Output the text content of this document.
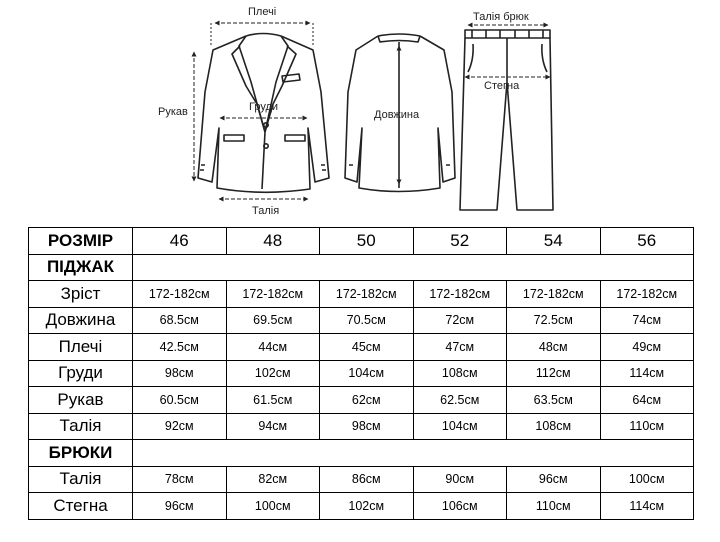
Плечі
Рукав	Груди
Талія
Довжина
Талія брюк
Стегна
РОЗМІР	46	48	50	52	54	56
ПІДЖАК						
Зріст	172-182см	172-182см	172-182см	172-182см	172-182см	172-182см
Довжина	68.5см	69.5см	70.5см	72см	72.5см	74см
Плечі	42.5см	44см	45см	47см	48см	49см
Груди	98см	102см	104см	108см	112см	114см
Рукав	60.5см	61.5см	62см	62.5см	63.5см	64см
Талія	92см	94см	98см	104см	108см	110см
БРЮКИ						
Талія	78см	82см	86см	90см	96см	100см
Стегна	96см	100см	102см	106см	110см	114см
